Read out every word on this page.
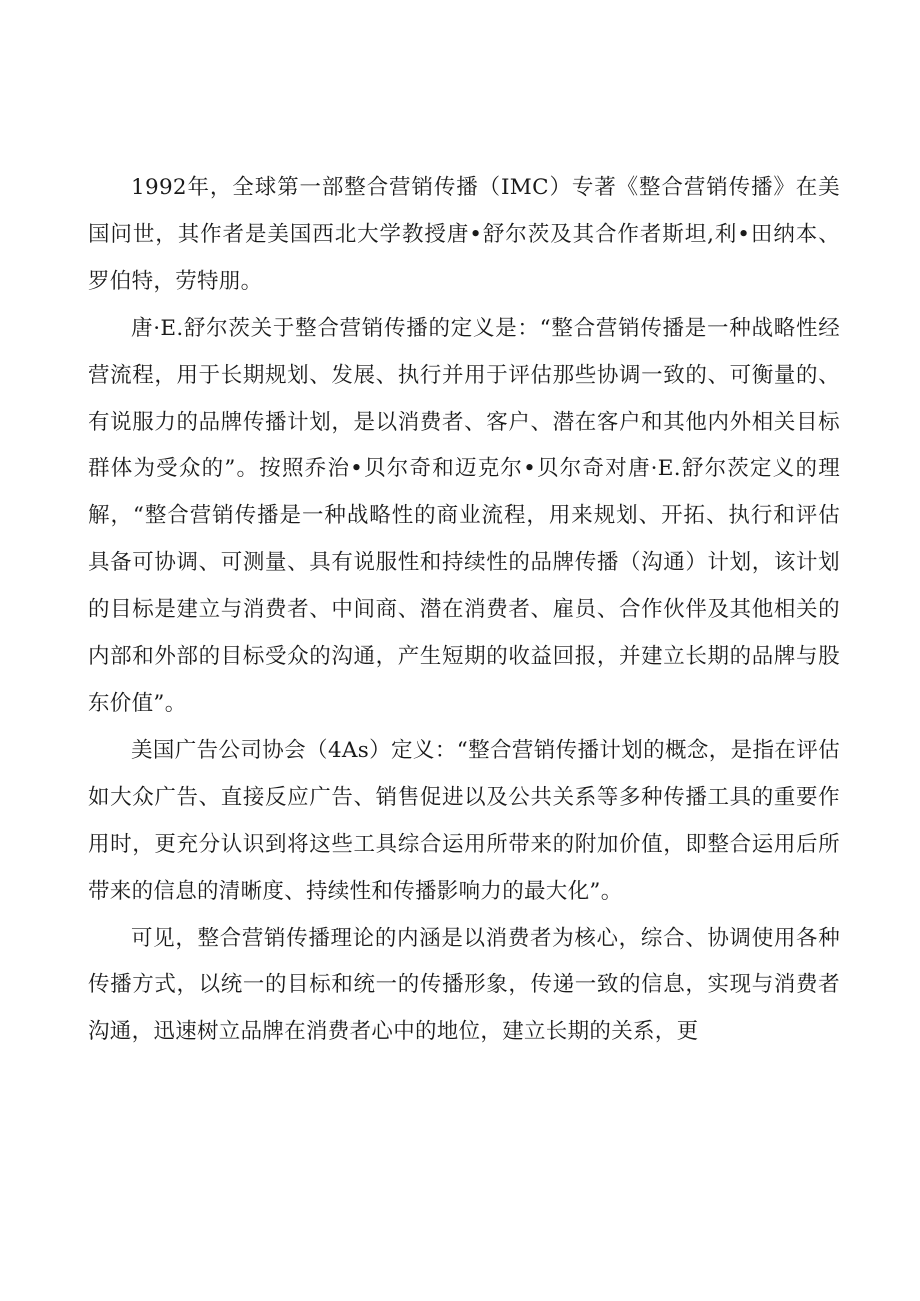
1992年，全球第一部整合营销传播（IMC）专著《整合营销传播》在美国问世，其作者是美国西北大学教授唐•舒尔茨及其合作者斯坦,利•田纳本、罗伯特，劳特朋。

唐·E.舒尔茨关于整合营销传播的定义是：“整合营销传播是一种战略性经营流程，用于长期规划、发展、执行并用于评估那些协调一致的、可衡量的、有说服力的品牌传播计划，是以消费者、客户、潜在客户和其他内外相关目标群体为受众的”。按照乔治•贝尔奇和迈克尔•贝尔奇对唐·E.舒尔茨定义的理解，“整合营销传播是一种战略性的商业流程，用来规划、开拓、执行和评估具备可协调、可测量、具有说服性和持续性的品牌传播（沟通）计划，该计划的目标是建立与消费者、中间商、潜在消费者、雇员、合作伙伴及其他相关的内部和外部的目标受众的沟通，产生短期的收益回报，并建立长期的品牌与股东价值”。

美国广告公司协会（4As）定义：“整合营销传播计划的概念，是指在评估如大众广告、直接反应广告、销售促进以及公共关系等多种传播工具的重要作用时，更充分认识到将这些工具综合运用所带来的附加价值，即整合运用后所带来的信息的清晰度、持续性和传播影响力的最大化”。

可见，整合营销传播理论的内涵是以消费者为核心，综合、协调使用各种传播方式，以统一的目标和统一的传播形象，传递一致的信息，实现与消费者沟通，迅速树立品牌在消费者心中的地位，建立长期的关系，更
